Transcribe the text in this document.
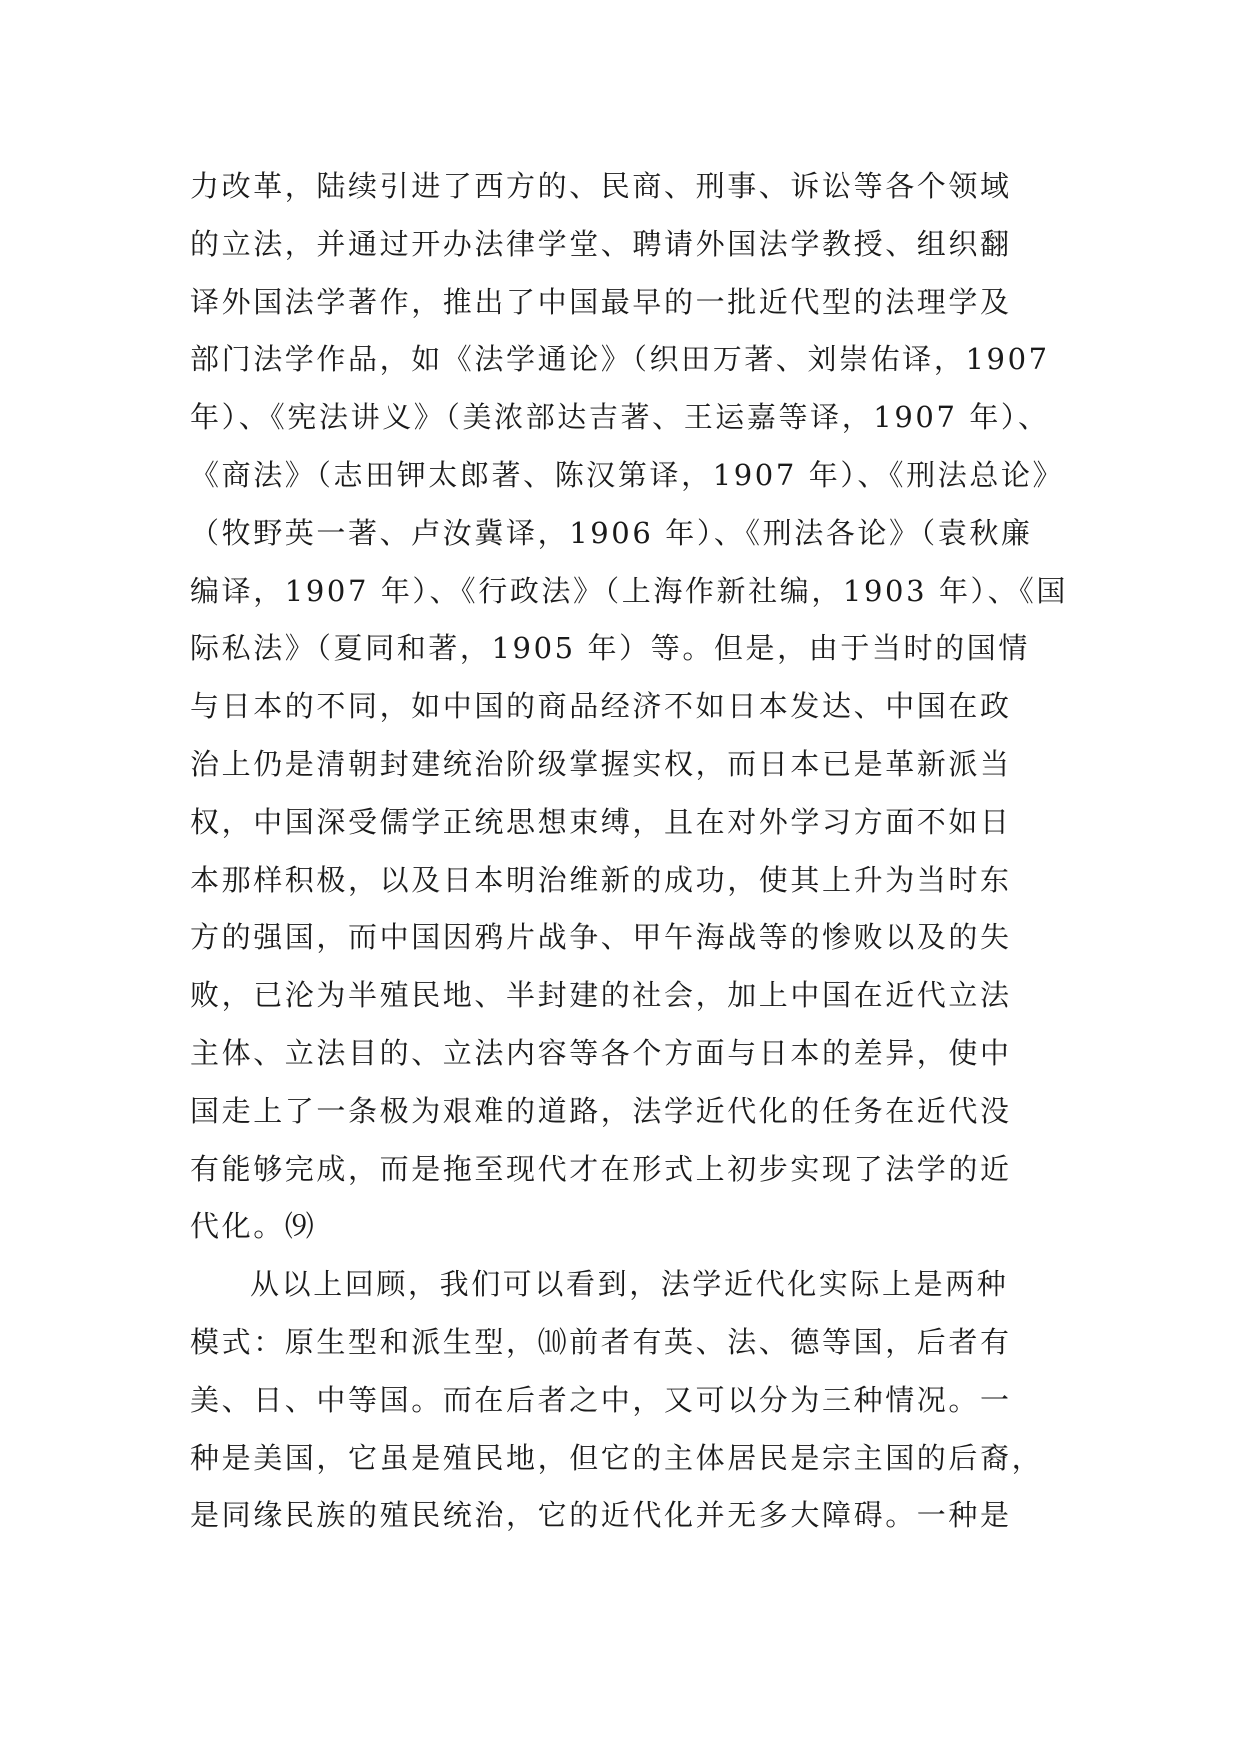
力改革，陆续引进了西方的、民商、刑事、诉讼等各个领域
的立法，并通过开办法律学堂、聘请外国法学教授、组织翻
译外国法学著作，推出了中国最早的一批近代型的法理学及
部门法学作品，如《法学通论》（织田万著、刘崇佑译，1907
年）、《宪法讲义》（美浓部达吉著、王运嘉等译，1907 年）、
《商法》（志田钾太郎著、陈汉第译，1907 年）、《刑法总论》
（牧野英一著、卢汝冀译，1906 年）、《刑法各论》（袁秋廉
编译，1907 年）、《行政法》（上海作新社编，1903 年）、《国
际私法》（夏同和著，1905 年）等。但是，由于当时的国情
与日本的不同，如中国的商品经济不如日本发达、中国在政
治上仍是清朝封建统治阶级掌握实权，而日本已是革新派当
权，中国深受儒学正统思想束缚，且在对外学习方面不如日
本那样积极，以及日本明治维新的成功，使其上升为当时东
方的强国，而中国因鸦片战争、甲午海战等的惨败以及的失
败，已沦为半殖民地、半封建的社会，加上中国在近代立法
主体、立法目的、立法内容等各个方面与日本的差异，使中
国走上了一条极为艰难的道路，法学近代化的任务在近代没
有能够完成，而是拖至现代才在形式上初步实现了法学的近
代化。⑼
从以上回顾，我们可以看到，法学近代化实际上是两种
模式：原生型和派生型，⑽前者有英、法、德等国，后者有
美、日、中等国。而在后者之中，又可以分为三种情况。一
种是美国，它虽是殖民地，但它的主体居民是宗主国的后裔，
是同缘民族的殖民统治，它的近代化并无多大障碍。一种是
